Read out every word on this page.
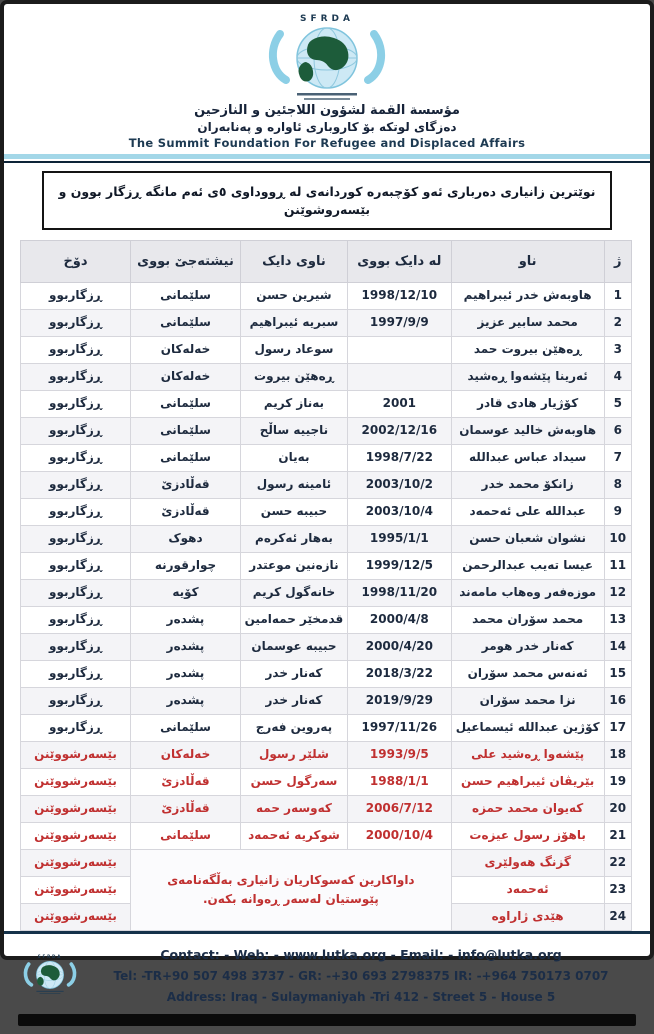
SFRDA
مؤسسة القمة لشؤون اللاجئين و النازحين
دەزگای لوتکە بۆ کاروباری ئاوارە و پەنابەران
The Summit Foundation For Refugee and Displaced Affairs
نوێترین زانیاری دەرباری ئەو کۆچبەرە کوردانەی لە ڕووداوی ٥ی ئەم مانگە ڕزگار بوون و بێسەروشوێنن
ژ	ناو	له دایک بووی	ناوی دایک	نیشته‌جێ بووی	دۆخ
1	هاوبەش خدر ئیبراهیم	1998/12/10	شیرین حسن	سلێمانی	ڕزگاربوو
2	محمد سابیر عزیز	1997/9/9	سبریه ئیبراهیم	سلێمانی	ڕزگاربوو
3	ڕەهێن بیروت حمد		سوعاد رسول	خەلەکان	ڕزگاربوو
4	ئەرینا پێشەوا ڕەشید		ڕەهێن بیروت	خەلەکان	ڕزگاربوو
5	کۆژیار هادی قادر	2001	بەناز کریم	سلێمانی	ڕزگاربوو
6	هاوبەش خالید عوسمان	2002/12/16	ناجییه ساڵح	سلێمانی	ڕزگاربوو
7	سیداد عباس عبدالله	1998/7/22	بەیان	سلێمانی	ڕزگاربوو
8	زانکۆ محمد خدر	2003/10/2	ئامینه رسول	قەڵادزێ	ڕزگاربوو
9	عبدالله علی ئەحمەد	2003/10/4	حبیبه حسن	قەڵادزێ	ڕزگاربوو
10	نشوان شعبان حسن	1995/1/1	بەهار ئەکرەم	دهوک	ڕزگاربوو
11	عیسا تەیب عبدالرحمن	1999/12/5	نازەنین موعتدر	چوارقورنه	ڕزگاربوو
12	موزەفەر وەهاب مامەند	1998/11/20	خانەگول کریم	کۆیه	ڕزگاربوو
13	محمد سۆران محمد	2000/4/8	قدمخێر حمەامین	پشدەر	ڕزگاربوو
14	کەنار خدر هومر	2000/4/20	حبیبه عوسمان	پشدەر	ڕزگاربوو
15	ئەنەس محمد سۆران	2018/3/22	کەنار خدر	پشدەر	ڕزگاربوو
16	نزا محمد سۆران	2019/9/29	کەنار خدر	پشدەر	ڕزگاربوو
17	کۆژین عبدالله ئیسماعیل	1997/11/26	پەروین فەرج	سلێمانی	ڕزگاربوو
18	پێشەوا ڕەشید علی	1993/9/5	شلێر رسول	خەلەکان	بێسەرشووێنن
19	بێریڤان ئیبراهیم حسن	1988/1/1	سەرگول حسن	قەڵادزێ	بێسەرشووێنن
20	کەیوان محمد حمزە	2006/7/12	کەوسەر حمه	قەڵادزێ	بێسەرشووێنن
21	باهۆز رسول عیزەت	2000/10/4	شوکریه ئەحمەد	سلێمانی	بێسەرشووێنن
22	گزنگ هەولێری	داواکارین کەسوکاریان زانیاری بەڵگەنامەی پێوستیان لەسەر ڕەوانە بکەن.			بێسەرشووێنن
23	ئەحمەد				بێسەرشووێنن
24	هێدی ژاراوە				بێسەرشووێنن
SFRDA	Contact: - Web: - www.lutka.org - Email: - info@lutka.org
Tel: -TR+90 507 498 3737 - GR: -+30 693 2798375 IR: -+964 750173 0707
Address: Iraq - Sulaymaniyah -Tri 412 - Street 5 - House 5
